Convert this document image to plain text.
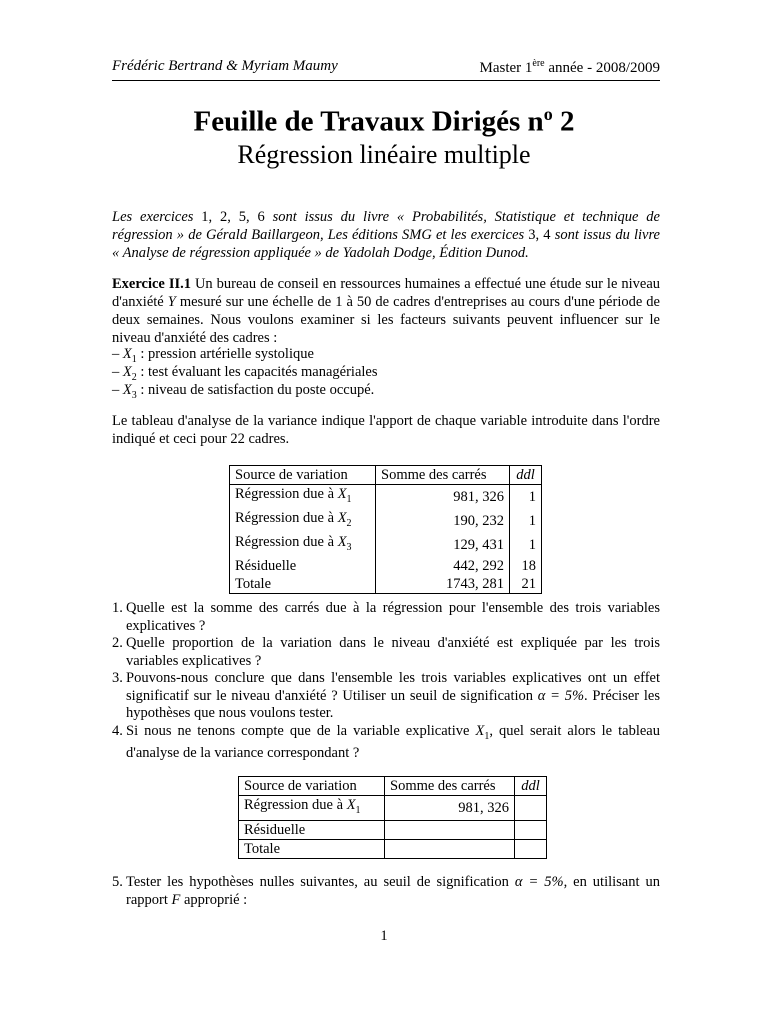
Frédéric Bertrand & Myriam Maumy	Master 1ère année - 2008/2009
Feuille de Travaux Dirigés $n^o$ 2
Régression linéaire multiple
Les exercices 1, 2, 5, 6 sont issus du livre « Probabilités, Statistique et technique de régression » de Gérald Baillargeon, Les éditions SMG et les exercices 3, 4 sont issus du livre « Analyse de régression appliquée » de Yadolah Dodge, Édition Dunod.
Exercice II.1 Un bureau de conseil en ressources humaines a effectué une étude sur le niveau d'anxiété Y mesuré sur une échelle de 1 à 50 de cadres d'entreprises au cours d'une période de deux semaines. Nous voulons examiner si les facteurs suivants peuvent influencer sur le niveau d'anxiété des cadres :
– $X_1$ : pression artérielle systolique
– $X_2$ : test évaluant les capacités managériales
– $X_3$ : niveau de satisfaction du poste occupé.
Le tableau d'analyse de la variance indique l'apport de chaque variable introduite dans l'ordre indiqué et ceci pour 22 cadres.
Source de variation	Somme des carrés	ddl
Régression due à $X_1$	981, 326	1
Régression due à $X_2$	190, 232	1
Régression due à $X_3$	129, 431	1
Résiduelle	442, 292	18
Totale	1743, 281	21
1. Quelle est la somme des carrés due à la régression pour l'ensemble des trois variables explicatives ?
2. Quelle proportion de la variation dans le niveau d'anxiété est expliquée par les trois variables explicatives ?
3. Pouvons-nous conclure que dans l'ensemble les trois variables explicatives ont un effet significatif sur le niveau d'anxiété ? Utiliser un seuil de signification α = 5%. Préciser les hypothèses que nous voulons tester.
4. Si nous ne tenons compte que de la variable explicative $X_1$, quel serait alors le tableau d'analyse de la variance correspondant ?
Source de variation	Somme des carrés	ddl
Régression due à $X_1$	981, 326	
Résiduelle		
Totale		
5. Tester les hypothèses nulles suivantes, au seuil de signification α = 5%, en utilisant un rapport F approprié :
1
